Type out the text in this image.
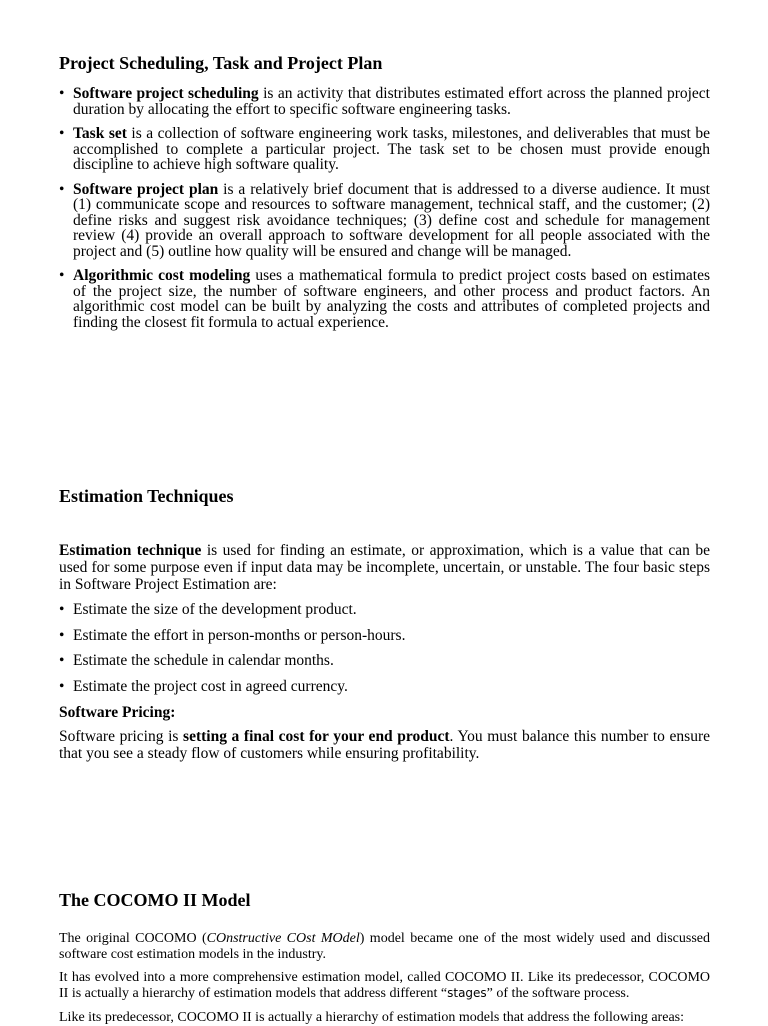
Project Scheduling, Task and Project Plan
• Software project scheduling is an activity that distributes estimated effort across the planned project duration by allocating the effort to specific software engineering tasks.
• Task set is a collection of software engineering work tasks, milestones, and deliverables that must be accomplished to complete a particular project. The task set to be chosen must provide enough discipline to achieve high software quality.
• Software project plan is a relatively brief document that is addressed to a diverse audience. It must (1) communicate scope and resources to software management, technical staff, and the customer; (2) define risks and suggest risk avoidance techniques; (3) define cost and schedule for management review (4) provide an overall approach to software development for all people associated with the project and (5) outline how quality will be ensured and change will be managed.
• Algorithmic cost modeling uses a mathematical formula to predict project costs based on estimates of the project size, the number of software engineers, and other process and product factors. An algorithmic cost model can be built by analyzing the costs and attributes of completed projects and finding the closest fit formula to actual experience.
Estimation Techniques

Estimation technique is used for finding an estimate, or approximation, which is a value that can be used for some purpose even if input data may be incomplete, uncertain, or unstable. The four basic steps in Software Project Estimation are:

• Estimate the size of the development product.
• Estimate the effort in person-months or person-hours.
• Estimate the schedule in calendar months.
• Estimate the project cost in agreed currency.

Software Pricing:

Software pricing is setting a final cost for your end product. You must balance this number to ensure that you see a steady flow of customers while ensuring profitability.

The COCOMO II Model

The original COCOMO (COnstructive COst MOdel) model became one of the most widely used and discussed software cost estimation models in the industry.

It has evolved into a more comprehensive estimation model, called COCOMO II. Like its predecessor, COCOMO II is actually a hierarchy of estimation models that address different “stages” of the software process.

Like its predecessor, COCOMO II is actually a hierarchy of estimation models that address the following areas:
